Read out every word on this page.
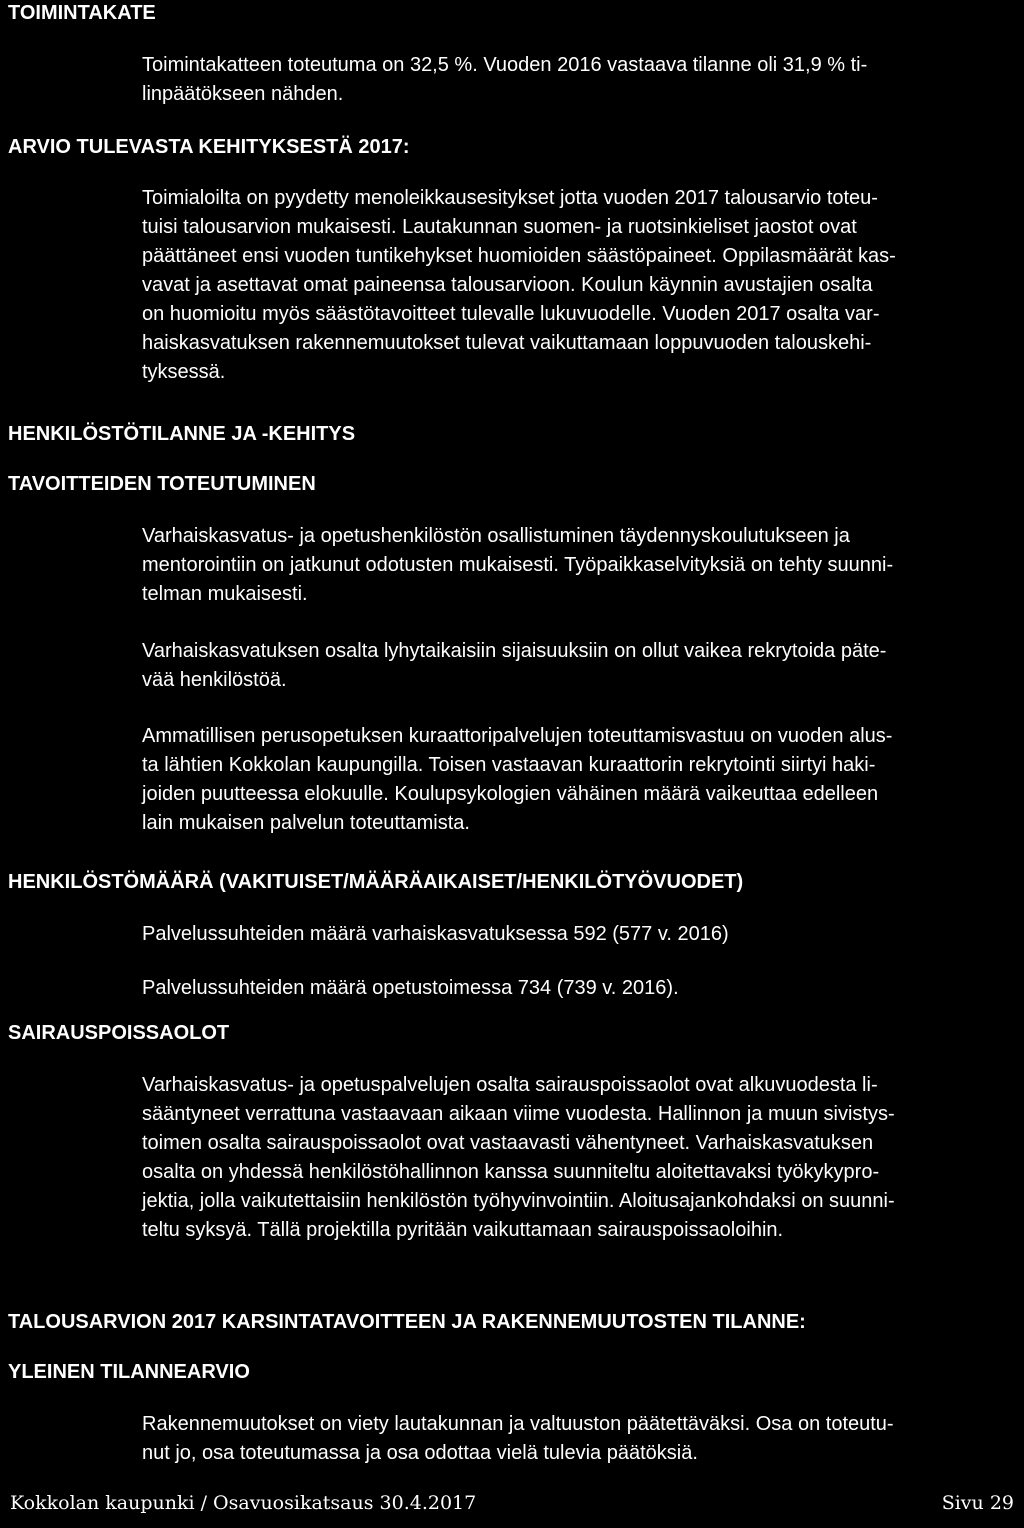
TOIMINTAKATE

Toimintakatteen toteutuma on 32,5 %. Vuoden 2016 vastaava tilanne oli 31,9 % ti-
linpäätökseen nähden.

ARVIO TULEVASTA KEHITYKSESTÄ 2017:

Toimialoilta on pyydetty menoleikkausesitykset jotta vuoden 2017 talousarvio toteu-
tuisi talousarvion mukaisesti. Lautakunnan suomen- ja ruotsinkieliset jaostot ovat
päättäneet ensi vuoden tuntikehykset huomioiden säästöpaineet. Oppilasmäärät kas-
vavat ja asettavat omat paineensa talousarvioon. Koulun käynnin avustajien osalta
on huomioitu myös säästötavoitteet tulevalle lukuvuodelle. Vuoden 2017 osalta var-
haiskasvatuksen rakennemuutokset tulevat vaikuttamaan loppuvuoden talouskehi-
tyksessä.

HENKILÖSTÖTILANNE JA -KEHITYS
TAVOITTEIDEN TOTEUTUMINEN

Varhaiskasvatus- ja opetushenkilöstön osallistuminen täydennyskoulutukseen ja
mentorointiin on jatkunut odotusten mukaisesti. Työpaikkaselvityksiä on tehty suunni-
telman mukaisesti.

Varhaiskasvatuksen osalta lyhytaikaisiin sijaisuuksiin on ollut vaikea rekrytoida päte-
vää henkilöstöä.

Ammatillisen perusopetuksen kuraattoripalvelujen toteuttamisvastuu on vuoden alus-
ta lähtien Kokkolan kaupungilla. Toisen vastaavan kuraattorin rekrytointi siirtyi haki-
joiden puutteessa elokuulle. Koulupsykologien vähäinen määrä vaikeuttaa edelleen
lain mukaisen palvelun toteuttamista.

HENKILÖSTÖMÄÄRÄ (VAKITUISET/MÄÄRÄAIKAISET/HENKILÖTYÖVUODET)

Palvelussuhteiden määrä varhaiskasvatuksessa 592 (577 v. 2016)

Palvelussuhteiden määrä opetustoimessa 734 (739 v. 2016).

SAIRAUSPOISSAOLOT

Varhaiskasvatus- ja opetuspalvelujen osalta sairauspoissaolot ovat alkuvuodesta li-
sääntyneet verrattuna vastaavaan aikaan viime vuodesta. Hallinnon ja muun sivistys-
toimen osalta sairauspoissaolot ovat vastaavasti vähentyneet. Varhaiskasvatuksen
osalta on yhdessä henkilöstöhallinnon kanssa suunniteltu aloitettavaksi työkykypro-
jektia, jolla vaikutettaisiin henkilöstön työhyvinvointiin. Aloitusajankohdaksi on suunni-
teltu syksyä. Tällä projektilla pyritään vaikuttamaan sairauspoissaoloihin.

TALOUSARVION 2017 KARSINTATAVOITTEEN JA RAKENNEMUUTOSTEN TILANNE:
YLEINEN TILANNEARVIO

Rakennemuutokset on viety lautakunnan ja valtuuston päätettäväksi. Osa on toteutu-
nut jo, osa toteutumassa ja osa odottaa vielä tulevia päätöksiä.

Kokkolan kaupunki / Osavuosikatsaus 30.4.2017	Sivu 29
